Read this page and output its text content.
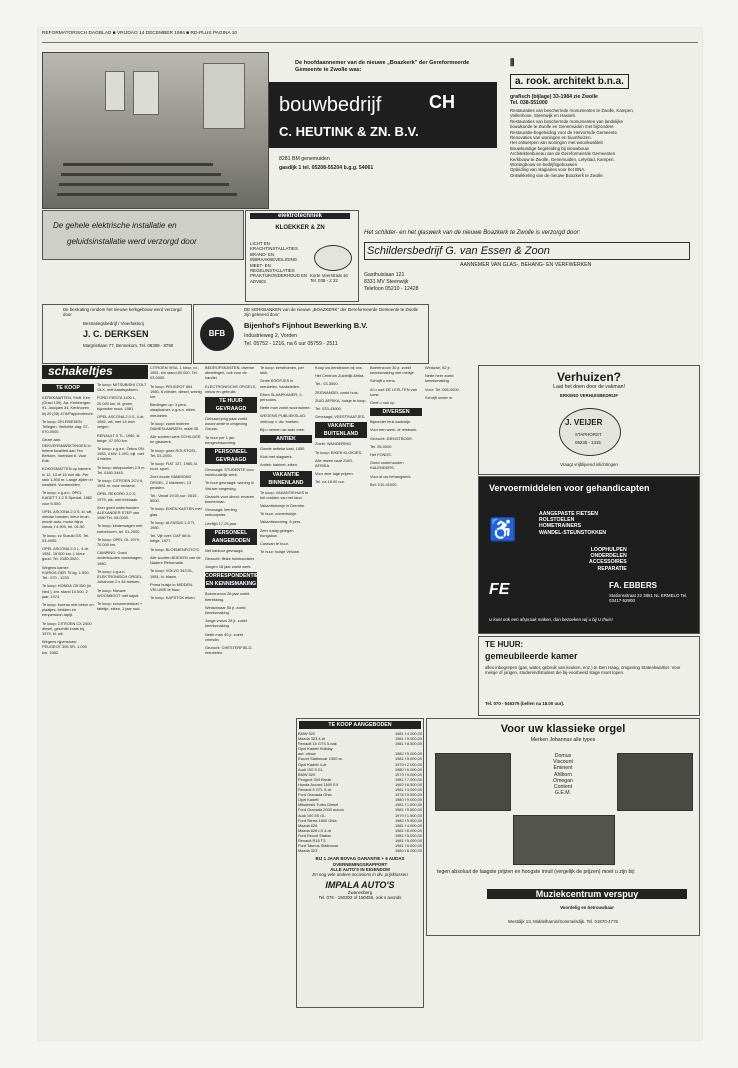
REFORMATORISCH DAGBLAD ■ VRIJDAG 14 DECEMBER 1984 ■ RD-PLUS PAGINA 10
De hoofdaannemer van de nieuwe „Boazkerk" der Gereformeerde Gemeente te Zwolle was:
bouwbedrijf	CH
C. HEUTINK & ZN. B.V.
8281 BM genemuiden
gasdijk 1 tel. 05208-55204 b.g.g. 54061
⦀
a. rook. architekt b.n.a.
grafisch (bijlage) 33-1984 zie Zwolle
Tel. 038-551000
Restauraties van beschermde monumenten te Zwolle, Kampen,
Vollenhove, Steenwijk en Hasselt.
Restauraties van beschermde monumenten van landelijke
bouwkunde te Zwolle en Genemuiden met bijzondere
Restauratie-begeleiding voor de Hervormde Gemeente.
Renovaties van woningen en buurthuizen.
Het ontwerpen van woningen met woonkwaliteit
Bouwkundige begeleiding bij nieuwbouw
Architektenbureau van de Gereformeerde Gemeenten
Kerkbouw te Zwolle, Genemuiden, Lelystad, Kampen.
Woningbouw en bedrijfsgebouwen
Opleiding van stagiaires voor het BNA.
Ontwikkeling van de nieuwe Boazkerk te Zwolle.
De gehele elektrische installatie en
geluidsinstallatie werd verzorgd door
elektrotechniek
KLOEKKER & ZN
LICHT EN KRACHTINSTALLATIES
BRAND- EN INBRAAKBEVEILIGING
MEET- EN REGELINSTALLATIES
PRAKTIJKONDERHOUD EN ADVIES
Korte Veerstraat 10 Tel. 038 - 2 22
Het schilder- en het glaswerk van de nieuwe Boazkerk te Zwolle is verzorgd door:
Schildersbedrijf G. van Essen & Zoon
AANNEMER VAN GLAS-, BEHANG- EN VERFWERKEN
Gasthuislaan 121
8331 MV Steenwijk
Telefoon 05210 - 12428
De bestrating rondom het nieuwe kerkgebouw werd verzorgd door
Bestratingsbedrijf / Vloerfaktorij
J. C. DERKSEN
Margrietlaan 77, Bennekom, Tel. 08389 - 8790
DE KERKBANKEN van de nieuwe „BOAZKERK" der Gereformeerde Gemeente te Zwolle zijn geleverd door:
BFB
Bijenhof's Fijnhout Bewerking B.V.
Industrieweg 2, Vorden
Tel. 05752 - 1216, na 6 uur 05759 - 2511
schakeltjes
TE KOOP

KERKKAARTEN, Stoff. Kerr (Grazi 130), Aa. Kerkbergen 91, Jacques 34, Kerkhoven bij 20 (08) 47A/Pappendrecht.

Te koop: ZELFBIEDEN Tellegen. Verlichte dag. 07-070-0000.

Gezet aan: DEKVERSMARKTINGEN in betere kwaliteit aan Ten Berkum, Voerlaan 6. Voor Ede.

KOKOSMATTEN op kamers in 12, 13 of 15 mm dik. Per stuk 1.500 m. Lange zijden in kwaliteit. Voorbeelden.

Te koop: z.g.a.n. OPEL KADETT 1.2 S Special. 1982 voor 6.500.

OPEL ASCONA 2,0 S, kl. wit, nieuwe banden, kleur bruin, mooie auto, motor bijna nieuw, f 4.900, tel. 01-50

Te koop: cc Suzuki GS. Tel. 03-4900.

OPEL ASCONA 2,0 L, 4-dr. 1981. 15.500 km. I. kleur goud. Tel. 0180-3020.

Wegens kamer: KURKVLOER 75 kg. 1.500. Tel.: 070 - 1233.

Te koop: HONDA CB 550 (in Ned.), km. stand 10.000, 2 jaar, 1974.

Te koop: bureau met beton en plaatjes, bedden en eenpersoon tapijt.

Te koop: CITROEN CX 2400 diesel, geschikt zoals bij, 1979, kl. wit.

Wegens rijpensioen: PEUGEOT 305 SR. 1.000 km. 1982.

Te koop: MITSUBISHI COLT GLX, met kaartsysteem.

FORD FIESTA 1100 L, 20.000 km, kl. groen, bijzonder mooi, 1981.

OPEL ASCONA 2.0 S, 4-dr, 1982, wit, met 14 inch velgen.

RENAULT 5 TL, 1980, kl. beige, 47.000 km.

Te koop: z.g.a.n. Zebra ON. 1983, 4 kW. 1.100, bijl. met 4 wielen.

Te koop: autopoorten 2.5 m. Tel. 0180-3445.

Te koop: CITROEN 2CV 6, 1981 nr. voor reclame.

OPEL REKORD 2,0 S, 1979, wit, met trekhaak.

Zeer goed onderhouden ALEXANDER STEP van 1980 Tel. 05-0000.

Te koop: kinderwagen met toebehoren, tel. 01-2000.

Te koop: OPEL GL 1979, 70.000 km.

CAMPING: Goed onderhouden vouwwagen, 1980.

Te koop: z.g.a.n. ELEKTRONISCH ORGEL, Johannus 2 x 44 toetsen.

Te koop: Nieuwe WOONBOOT met kajuit.

Te koop: schommelstoel + tafeltje, eiken, 1 jaar oud.

CITROEN VISA, 1 kleur, rd., 1981, km stand 60.000. Tel. 03-0000.

Te koop: PEUGEOT 604 1980, 6 cilinder, diesel, weinig km.

Biedingen op: 3 pers. slaapkamer, z.g.a.n. eiken meubelen.

Te koop: zwart lederen DAMESLAARZEN, maat 38.

Alle soorten werk SCHILDER en glaswerk.

Te koop: goed ROLSTOEL, Tel. 03-2000.

Te koop: FIAT 127, 1980, kl. rood, sport.

Zeer mooie HAMMOND ORGEL, 2 klavieren, 13 pedalen.

Tel.: Vanaf 19.00 uur: 0515 - 5000.

Te koop: EIKEN KASTEN met glas.

Te koop: ALFASUD 1.5 TI, 1980.

Tel. Vijf over: DAF 66 kl. beige, 1977.

Te koop: BLOEMENFOTO'S.

Alle soorten BOEKEN van de Nadere Reformatie.

Te koop: VOLVO 343 DL, 1981, kl. blauw.

Prima huisje in MIDDEN-VELUWE te huur.

Te koop: KAPSTOK eiken.

BEDRIJFSKASTEN, diverse afmetingen, ook voor de handel.

ELECTRONISCHE ORGELS, nieuw en gebruikt.

TE HUUR GEVRAAGD

Gehuwd jong paar zoekt woonruimte in omgeving Gouda.

Te huur per 1 jan. eengezinswoning.

PERSONEEL GEVRAAGD

Gevraagd: STUDENTE voor huishoudelijk werk.

Te huur gevraagd: woning in Veluwe omgeving.

Gezocht voor direct: ervaren timmerman.

Gevraagd: leerling verkoopster.

Leeftijd 17-25 jaar.

PERSONEEL AANGEBODEN

Net kantoor gevraagd.

Gezocht: flinke huishoudster.

Jongen 18 jaar zoekt werk.

CORRESPONDENTIE EN KENNISMAKING

Boerenzoon 26 jaar zoekt betrekking.

Weduwnaar 55 jr. zoekt kennismaking.

Jonge vrouw 28 jr. zoekt kennismaking.

Nette man 40 jr. zoekt vriendin.

Gezocht: CHESTERFIELD-meubelen.

Te koop: kerstbomen, per stuk.

Grote KOOPJES in meubelen, bankstellen.

Eiken SLAAPKAMER, 2-persoons.

Nette man zoekt woonruimte.

WEGENS PUBLIEKSLAG: verkoop v. div. boeken.

Bij u nemen uw auto mee.

ANTIEK

Goede antieke kast, 1850.

Klok met slagwerk.

Antiek: kabinet, eiken.

VAKANTIE BINNENLAND

Te koop: VAKANTIEHUIS in het midden van het land.

Vakantiehuisje in Drenthe.

Te huur: zomerhuisje.

Vakantiewoning, 6 pers.

Zeer rustig gelegen bungalow.

Caravan te huur.

Te huur: huisje Veluwe.

Koop uw kerstboom bij ons.

Het Centrum Zuidelijk Afrika.

Tel.: 03-3000.

ZEEWANDEL zoekt huis.

ZUID-AFRIKA, huisje te koop.

Tel. 033-43000.

Gevraagd: VEESTRAATJES.

VAKANTIE BUITENLAND

Zoekt: WANDERING.

Te koop: EIKEN KLOKJES.

Alle reizen naar ZUID-AFRIKA.

Voor zeer lage prijzen.

Tel. na 18.00 uur.

Boerenzoon 30 jr. zoekt kennismaking met meisje.

Schrijft u eens.

Al u oort DE LEIS-TEN van korst.

Geef u ook op.

DIVERSEN

Bijzonder leuk kadootje.

Voor een werk- of reisboek.

Gezocht: DIENSTBODE.

Tel. 05-0000.

Het FONDS.

Goed onderhouden KALENDERS.

Voor al uw behangwerk.

Bel: 010-41000.

TE KOOP AANGEBODEN
BMW 520	1981 f 4.000,00
Mazda 323 4-dr	1981 f 9.000,00
Renault 18 GTS 5-bak	1981 f 8.500,00
Opel Kadett Holiday	
aut. nieuw	1982 f 5.000,00
Escort Stationcar 1300 cc	1981 f 5.000,00
Opel Kadett 4-dr	1979 f 2.000,00
Audi 100 5 GL	1980 f 6.000,00
BMW 520	1979 f 9.000,00
Peugeot 304 Break	1981 f 7.000,00
Honda Accord 1600 EX	1982 f 6.500,00
Renault 5 GTL 5-dr	1981 f 3.000,00
Ford Granada Ghia	1978 f 5.500,00
Opel Kadett	1980 f 9.000,00
Mitsubishi Turbo Diesel	1981 f 1.000,00
Ford Granada 2000 autom	1981 f 5.500,00
Audi 100 5S GL	1979 f 1.900,00
Ford Sierra 1600 Ghia	1982 f 5.500,00
Mazda 626	1981 f 4.000,00
Mazda 626 LS 4-dr	1981 f 6.000,00
Ford Escort Station	1981 f 5.000,00
Renault R18 TS	1981 f 5.000,00
Ford Taunus Stationcar	1981 f 5.000,00
Mazda 323	1980 f 6.000,00
BIJ 1 JAAR BOVAG GARANTIE + 6 AUDAS OVERNEMINGSRAPPORT
ALLE AUTO'S IN EIGENDOM
En nog vele andere occasions in div. prijsklassen
IMPALA AUTO'S
Zwanenberg
Tel. 076 - 150302 of 150456, ook s avonds

Weduwe, 62 jr.

Nette heer zoekt kennismaking.

Voor: Tel. 055-0000.

Schrijft onder nr.

Verhuizen?
Laat het doen door de vakman!
ERKEND VERHUISBEDRIJF
J. VEIJER
STAPHORST
05235 - 1315
Vraagt vrijblijvend inlichtingen
Vervoermiddelen voor gehandicapten
AANGEPASTE FIETSEN
ROLSTOELEN
HOMETRAINERS
WANDEL-STEUNSTOKKEN
LOOPHULPEN
ONDERDELEN
ACCESSOIRES
REPARATIE
♿
FE	FA. EBBERS
Stationsstraat 22 3851 NL ERMELO Tel. 03417-52900
U kunt ook een afspraak maken, dan bezoeken wij u bij U thuis!
TE HUUR:
gemeubileerde kamer
alles inbegrepen (gas, water, gebruik van keuken, enz.) te Den Haag, omgeving Statenkwartier. Voor meisje of jongen, studerend/student die bij-voorbeeld stage moet lopen.
Tel. 070 - 546375 (bellen na 18.00 uur).
Voor uw klassieke orgel
Merken Johannus alle types
Domus
Viscount
Eminent
Ahlborn
Omegan
Content
G.E.M.
tegen absoluut de laagste prijzen en hoogste inruil (vergelijk de prijzen) moet u zijn bij:
Muziekcentrum verspuy
Voordelig en betrouwbaar
Westdijk 13, Middelharnis/Sommelsdijk. Tel. 01870-4776
